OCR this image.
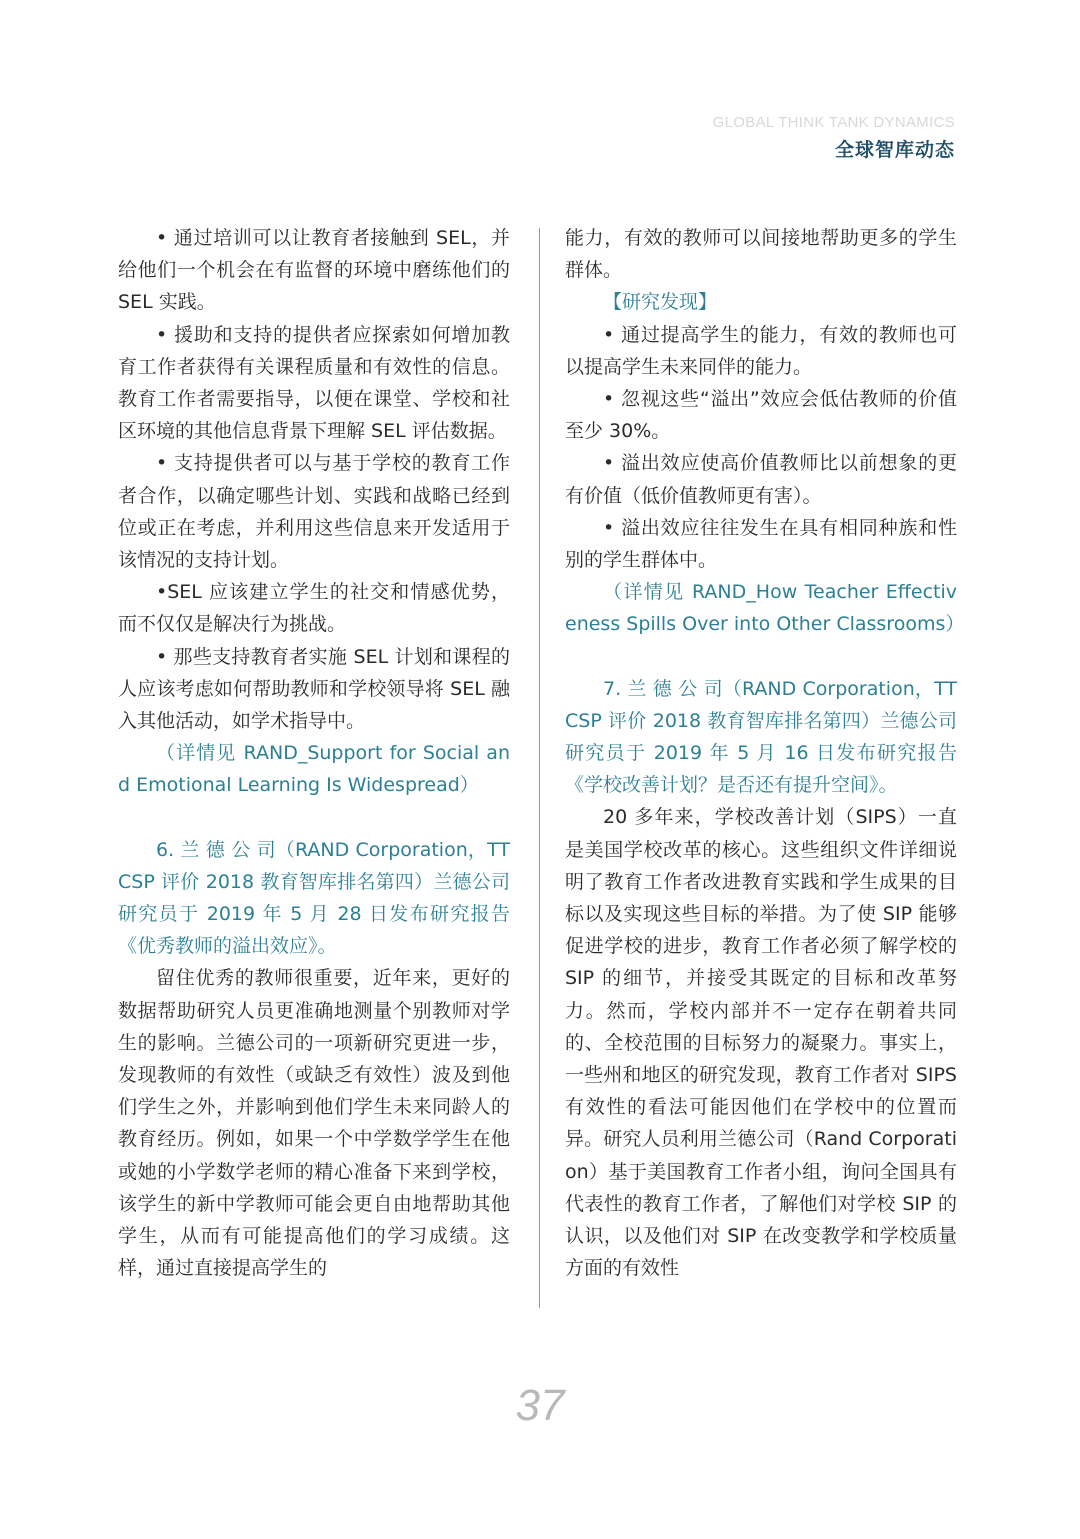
GLOBAL THINK TANK DYNAMICS
全球智库动态

• 通过培训可以让教育者接触到 SEL，并给他们一个机会在有监督的环境中磨练他们的 SEL 实践。

• 援助和支持的提供者应探索如何增加教育工作者获得有关课程质量和有效性的信息。教育工作者需要指导，以便在课堂、学校和社区环境的其他信息背景下理解 SEL 评估数据。

• 支持提供者可以与基于学校的教育工作者合作，以确定哪些计划、实践和战略已经到位或正在考虑，并利用这些信息来开发适用于该情况的支持计划。

•SEL 应该建立学生的社交和情感优势，而不仅仅是解决行为挑战。

• 那些支持教育者实施 SEL 计划和课程的人应该考虑如何帮助教师和学校领导将 SEL 融入其他活动，如学术指导中。

（详情见 RAND_Support for Social and Emotional Learning Is Widespread）

6. 兰 德 公 司（RAND Corporation，TTCSP 评价 2018 教育智库排名第四）兰德公司研究员于 2019 年 5 月 28 日发布研究报告《优秀教师的溢出效应》。

留住优秀的教师很重要，近年来，更好的数据帮助研究人员更准确地测量个别教师对学生的影响。兰德公司的一项新研究更进一步，发现教师的有效性（或缺乏有效性）波及到他们学生之外，并影响到他们学生未来同龄人的教育经历。例如，如果一个中学数学学生在他或她的小学数学老师的精心准备下来到学校，该学生的新中学教师可能会更自由地帮助其他学生，从而有可能提高他们的学习成绩。这样，通过直接提高学生的

能力，有效的教师可以间接地帮助更多的学生群体。

【研究发现】

• 通过提高学生的能力，有效的教师也可以提高学生未来同伴的能力。

• 忽视这些“溢出”效应会低估教师的价值至少 30%。

• 溢出效应使高价值教师比以前想象的更有价值（低价值教师更有害）。

• 溢出效应往往发生在具有相同种族和性别的学生群体中。

（详情见 RAND_How Teacher Effectiveness Spills Over into Other Classrooms）

7. 兰 德 公 司（RAND Corporation，TTCSP 评价 2018 教育智库排名第四）兰德公司研究员于 2019 年 5 月 16 日发布研究报告《学校改善计划？是否还有提升空间》。

20 多年来，学校改善计划（SIPS）一直是美国学校改革的核心。这些组织文件详细说明了教育工作者改进教育实践和学生成果的目标以及实现这些目标的举措。为了使 SIP 能够促进学校的进步，教育工作者必须了解学校的 SIP 的细节，并接受其既定的目标和改革努力。然而，学校内部并不一定存在朝着共同的、全校范围的目标努力的凝聚力。事实上，一些州和地区的研究发现，教育工作者对 SIPS 有效性的看法可能因他们在学校中的位置而异。研究人员利用兰德公司（Rand Corporation）基于美国教育工作者小组，询问全国具有代表性的教育工作者，了解他们对学校 SIP 的认识，以及他们对 SIP 在改变教学和学校质量方面的有效性

37
